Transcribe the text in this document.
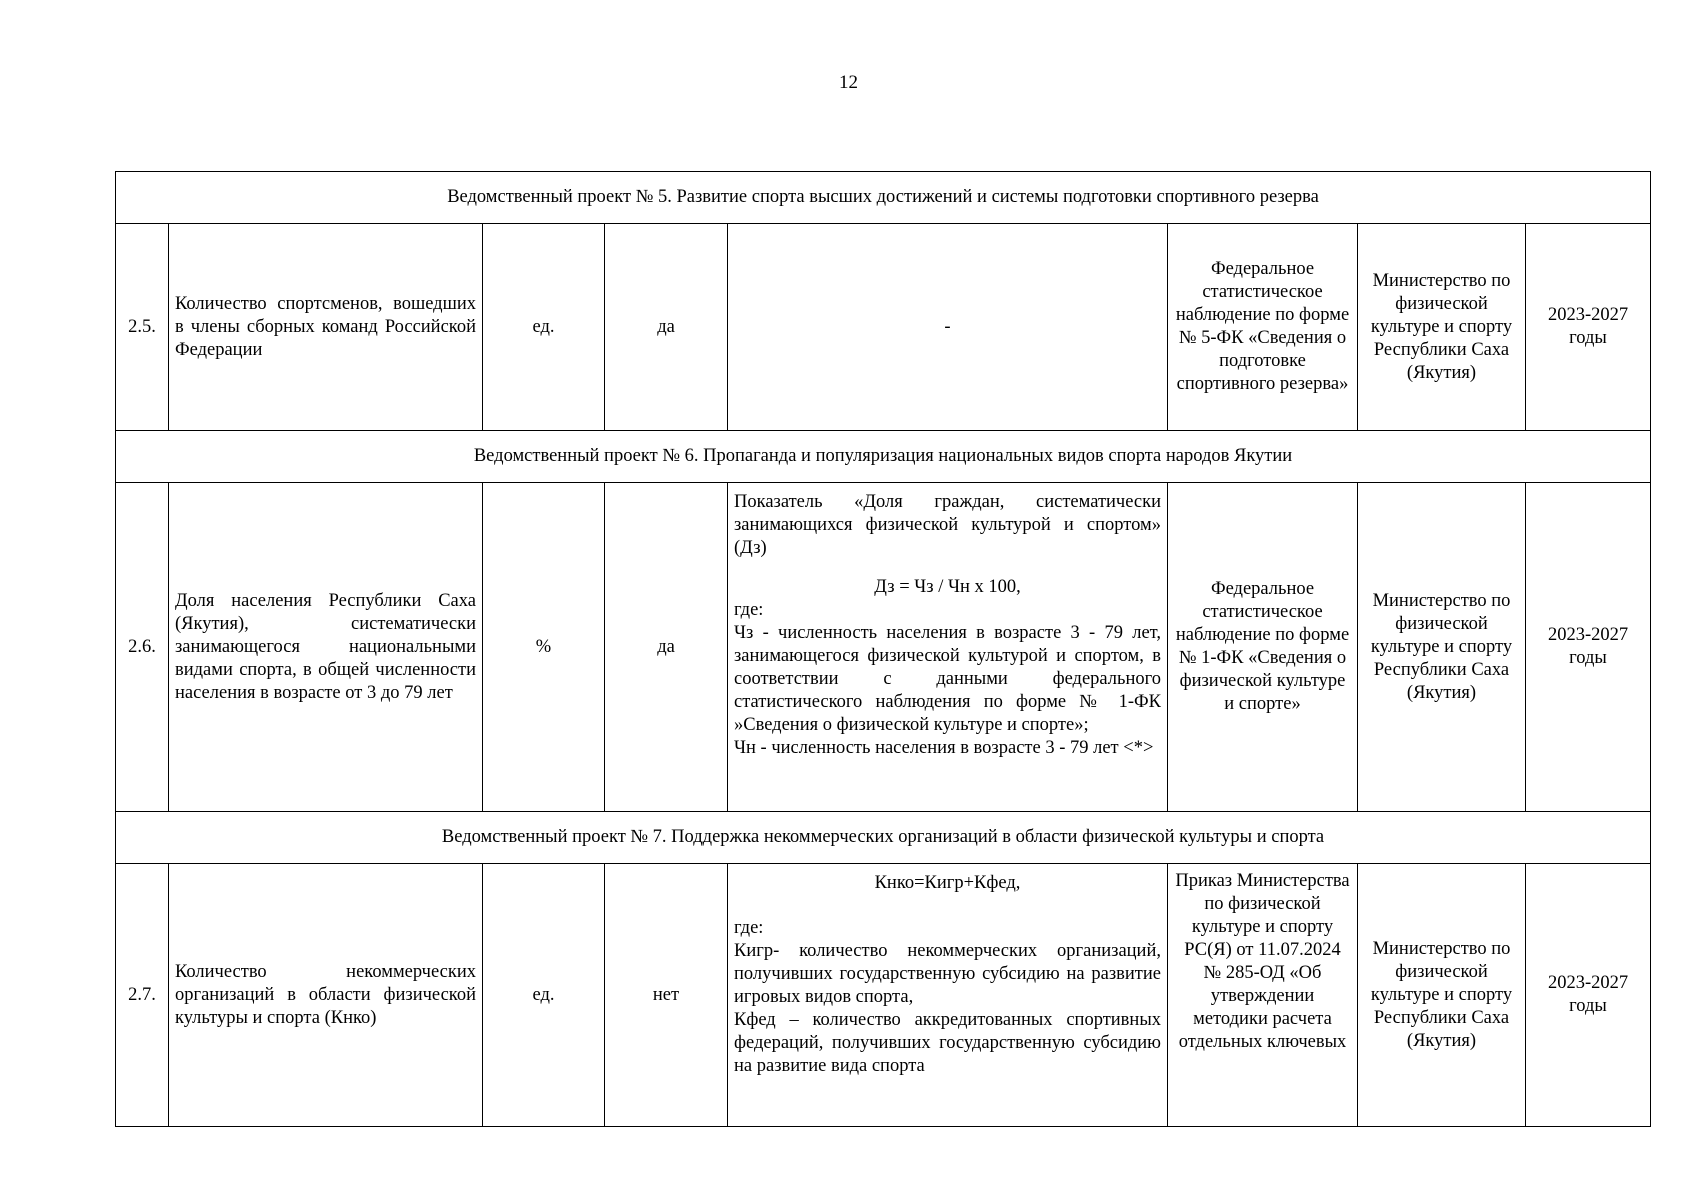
12
Ведомственный проект № 5. Развитие спорта высших достижений и системы подготовки спортивного резерва							
2.5.	Количество спортсменов, вошедших в члены сборных команд Российской Федерации	ед.	да	-	Федеральное статистическое наблюдение по форме № 5-ФК «Сведения о подготовке спортивного резерва»	Министерство по физической культуре и спорту Республики Саха (Якутия)	2023-2027 годы
Ведомственный проект № 6. Пропаганда и популяризация национальных видов спорта народов Якутии							
2.6.	Доля населения Республики Саха (Якутия), систематически занимающегося национальными видами спорта, в общей численности населения в возрасте от 3 до 79 лет	%	да	Показатель «Доля граждан, систематически занимающихся физической культурой и спортом» (Дз)

Дз = Чз / Чн х 100,

где:

Чз - численность населения в возрасте 3 - 79 лет, занимающегося физической культурой и спортом, в соответствии с данными федерального статистического наблюдения по форме № 1-ФК »Сведения о физической культуре и спорте»;

Чн - численность населения в возрасте 3 - 79 лет <*>	Федеральное статистическое наблюдение по форме № 1-ФК «Сведения о физической культуре и спорте»	Министерство по физической культуре и спорту Республики Саха (Якутия)	2023-2027 годы
Ведомственный проект № 7. Поддержка некоммерческих организаций в области физической культуры и спорта							
2.7.	Количество некоммерческих организаций в области физической культуры и спорта (Кнко)	ед.	нет	Кнко=Кигр+Кфед,

где:

Кигр- количество некоммерческих организаций, получивших государственную субсидию на развитие игровых видов спорта,

Кфед – количество аккредитованных спортивных федераций, получивших государственную субсидию на развитие вида спорта	Приказ Министерства по физической культуре и спорту РС(Я) от 11.07.2024 № 285-ОД «Об утверждении методики расчета отдельных ключевых	Министерство по физической культуре и спорту Республики Саха (Якутия)	2023-2027 годы
